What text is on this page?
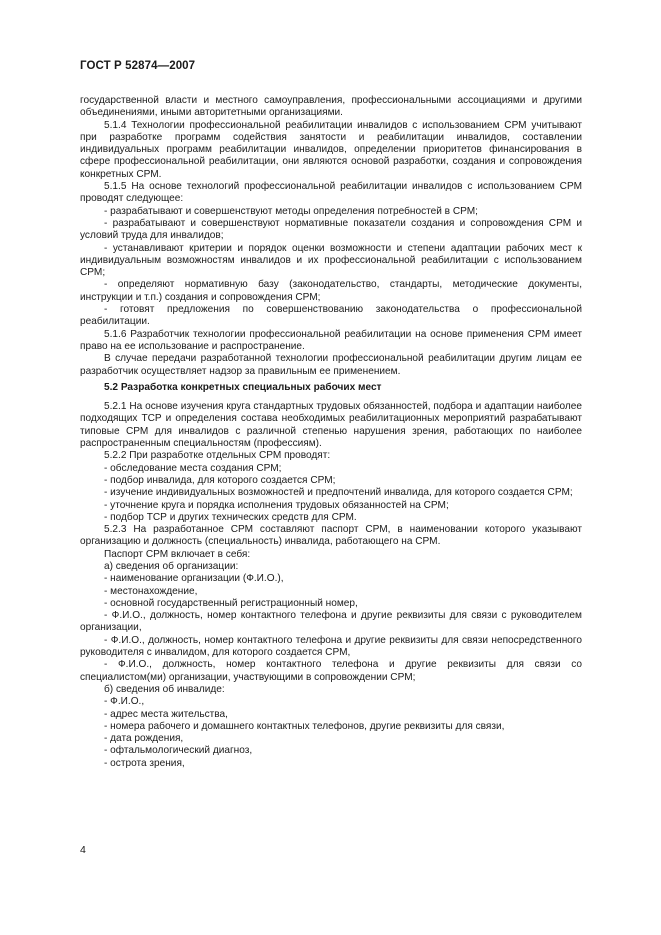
ГОСТ Р 52874—2007

государственной власти и местного самоуправления, профессиональными ассоциациями и другими объединениями, иными авторитетными организациями.

5.1.4 Технологии профессиональной реабилитации инвалидов с использованием СРМ учитывают при разработке программ содействия занятости и реабилитации инвалидов, составлении индивидуальных программ реабилитации инвалидов, определении приоритетов финансирования в сфере профессиональной реабилитации, они являются основой разработки, создания и сопровождения конкретных СРМ.

5.1.5 На основе технологий профессиональной реабилитации инвалидов с использованием СРМ проводят следующее:

- разрабатывают и совершенствуют методы определения потребностей в СРМ;

- разрабатывают и совершенствуют нормативные показатели создания и сопровождения СРМ и условий труда для инвалидов;

- устанавливают критерии и порядок оценки возможности и степени адаптации рабочих мест к индивидуальным возможностям инвалидов и их профессиональной реабилитации с использованием СРМ;

- определяют нормативную базу (законодательство, стандарты, методические документы, инструкции и т.п.) создания и сопровождения СРМ;

- готовят предложения по совершенствованию законодательства о профессиональной реабилитации.

5.1.6 Разработчик технологии профессиональной реабилитации на основе применения СРМ имеет право на ее использование и распространение.

В случае передачи разработанной технологии профессиональной реабилитации другим лицам ее разработчик осуществляет надзор за правильным ее применением.

5.2 Разработка конкретных специальных рабочих мест

5.2.1 На основе изучения круга стандартных трудовых обязанностей, подбора и адаптации наиболее подходящих ТСР и определения состава необходимых реабилитационных мероприятий разрабатывают типовые СРМ для инвалидов с различной степенью нарушения зрения, работающих по наиболее распространенным специальностям (профессиям).

5.2.2 При разработке отдельных СРМ проводят:

- обследование места создания СРМ;

- подбор инвалида, для которого создается СРМ;

- изучение индивидуальных возможностей и предпочтений инвалида, для которого создается СРМ;

- уточнение круга и порядка исполнения трудовых обязанностей на СРМ;

- подбор ТСР и других технических средств для СРМ.

5.2.3 На разработанное СРМ составляют паспорт СРМ, в наименовании которого указывают организацию и должность (специальность) инвалида, работающего на СРМ.

Паспорт СРМ включает в себя:

а) сведения об организации:

- наименование организации (Ф.И.О.),

- местонахождение,

- основной государственный регистрационный номер,

- Ф.И.О., должность, номер контактного телефона и другие реквизиты для связи с руководителем организации,

- Ф.И.О., должность, номер контактного телефона и другие реквизиты для связи непосредственного руководителя с инвалидом, для которого создается СРМ,

- Ф.И.О., должность, номер контактного телефона и другие реквизиты для связи со специалистом(ми) организации, участвующими в сопровождении СРМ;

б) сведения об инвалиде:

- Ф.И.О.,

- адрес места жительства,

- номера рабочего и домашнего контактных телефонов, другие реквизиты для связи,

- дата рождения,

- офтальмологический диагноз,

- острота зрения,

4
